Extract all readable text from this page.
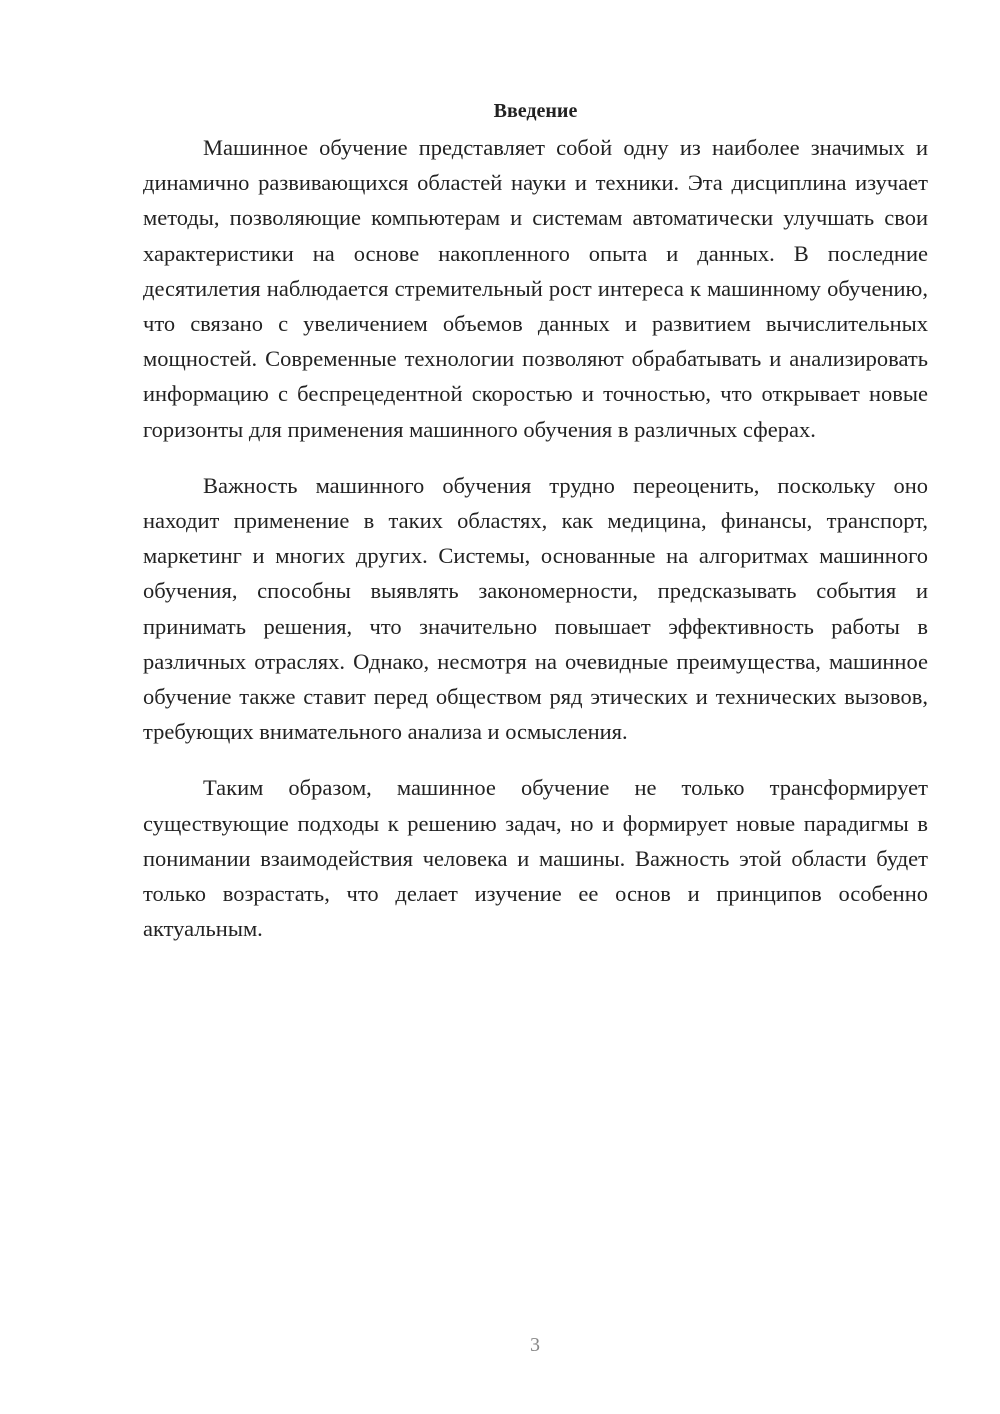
Введение

Машинное обучение представляет собой одну из наиболее значимых и динамично развивающихся областей науки и техники. Эта дисциплина изучает методы, позволяющие компьютерам и системам автоматически улучшать свои характеристики на основе накопленного опыта и данных. В последние десятилетия наблюдается стремительный рост интереса к машинному обучению, что связано с увеличением объемов данных и развитием вычислительных мощностей. Современные технологии позволяют обрабатывать и анализировать информацию с беспрецедентной скоростью и точностью, что открывает новые горизонты для применения машинного обучения в различных сферах.

Важность машинного обучения трудно переоценить, поскольку оно находит применение в таких областях, как медицина, финансы, транспорт, маркетинг и многих других. Системы, основанные на алгоритмах машинного обучения, способны выявлять закономерности, предсказывать события и принимать решения, что значительно повышает эффективность работы в различных отраслях. Однако, несмотря на очевидные преимущества, машинное обучение также ставит перед обществом ряд этических и технических вызовов, требующих внимательного анализа и осмысления.

Таким образом, машинное обучение не только трансформирует существующие подходы к решению задач, но и формирует новые парадигмы в понимании взаимодействия человека и машины. Важность этой области будет только возрастать, что делает изучение ее основ и принципов особенно актуальным.

3
